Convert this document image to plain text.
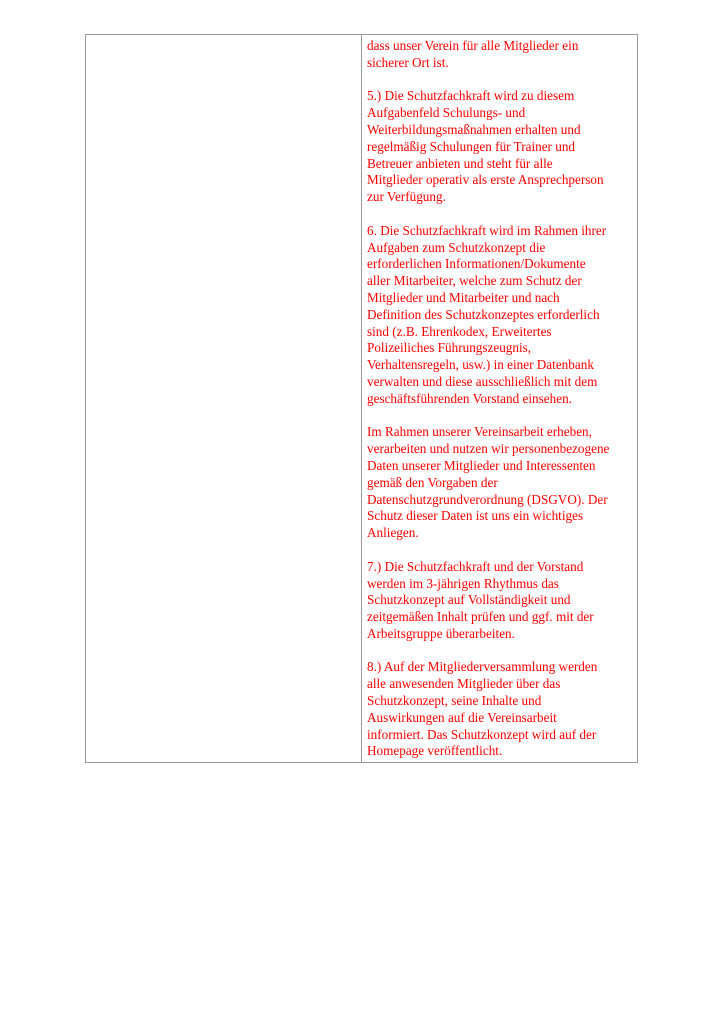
dass unser Verein für alle Mitglieder ein
sicherer Ort ist.

5.) Die Schutzfachkraft wird zu diesem
Aufgabenfeld Schulungs- und
Weiterbildungsmaßnahmen erhalten und
regelmäßig Schulungen für Trainer und
Betreuer anbieten und steht für alle
Mitglieder operativ als erste Ansprechperson
zur Verfügung.

6. Die Schutzfachkraft wird im Rahmen ihrer
Aufgaben zum Schutzkonzept die
erforderlichen Informationen/Dokumente
aller Mitarbeiter, welche zum Schutz der
Mitglieder und Mitarbeiter und nach
Definition des Schutzkonzeptes erforderlich
sind (z.B. Ehrenkodex, Erweitertes
Polizeiliches Führungszeugnis,
Verhaltensregeln, usw.) in einer Datenbank
verwalten und diese ausschließlich mit dem
geschäftsführenden Vorstand einsehen.

Im Rahmen unserer Vereinsarbeit erheben,
verarbeiten und nutzen wir personenbezogene
Daten unserer Mitglieder und Interessenten
gemäß den Vorgaben der
Datenschutzgrundverordnung (DSGVO). Der
Schutz dieser Daten ist uns ein wichtiges
Anliegen.

7.) Die Schutzfachkraft und der Vorstand
werden im 3-jährigen Rhythmus das
Schutzkonzept auf Vollständigkeit und
zeitgemäßen Inhalt prüfen und ggf. mit der
Arbeitsgruppe überarbeiten.

8.) Auf der Mitgliederversammlung werden
alle anwesenden Mitglieder über das
Schutzkonzept, seine Inhalte und
Auswirkungen auf die Vereinsarbeit
informiert. Das Schutzkonzept wird auf der
Homepage veröffentlicht.
